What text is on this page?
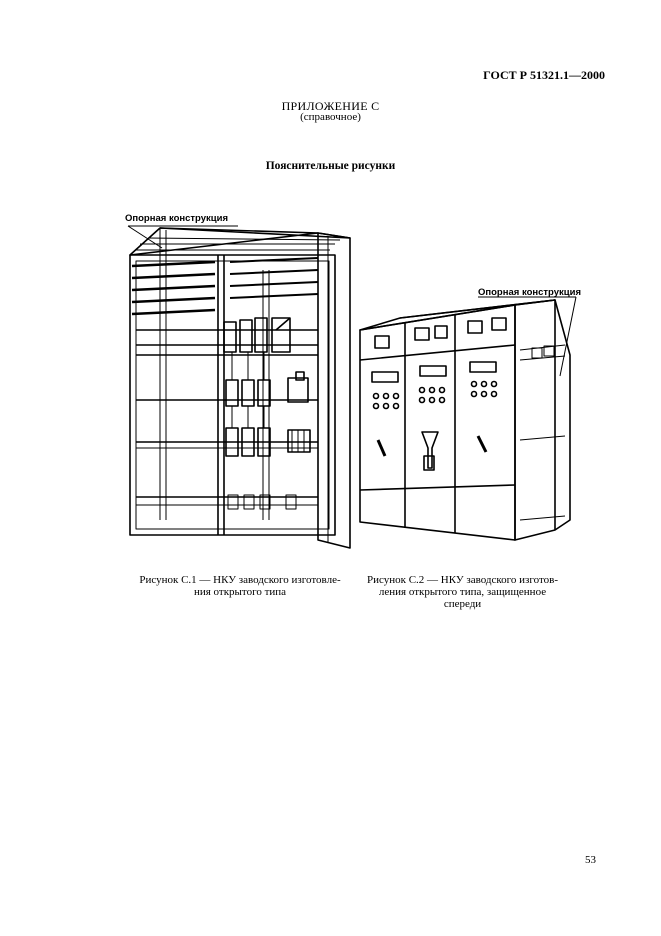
ГОСТ Р 51321.1—2000
ПРИЛОЖЕНИЕ С
(справочное)
Пояснительные рисунки
Опорная конструкция
Опорная конструкция
Рисунок С.1 — НКУ заводского изготовле-
ния открытого типа
Рисунок С.2 — НКУ заводского изготов-
ления открытого типа, защищенное
спереди
53
